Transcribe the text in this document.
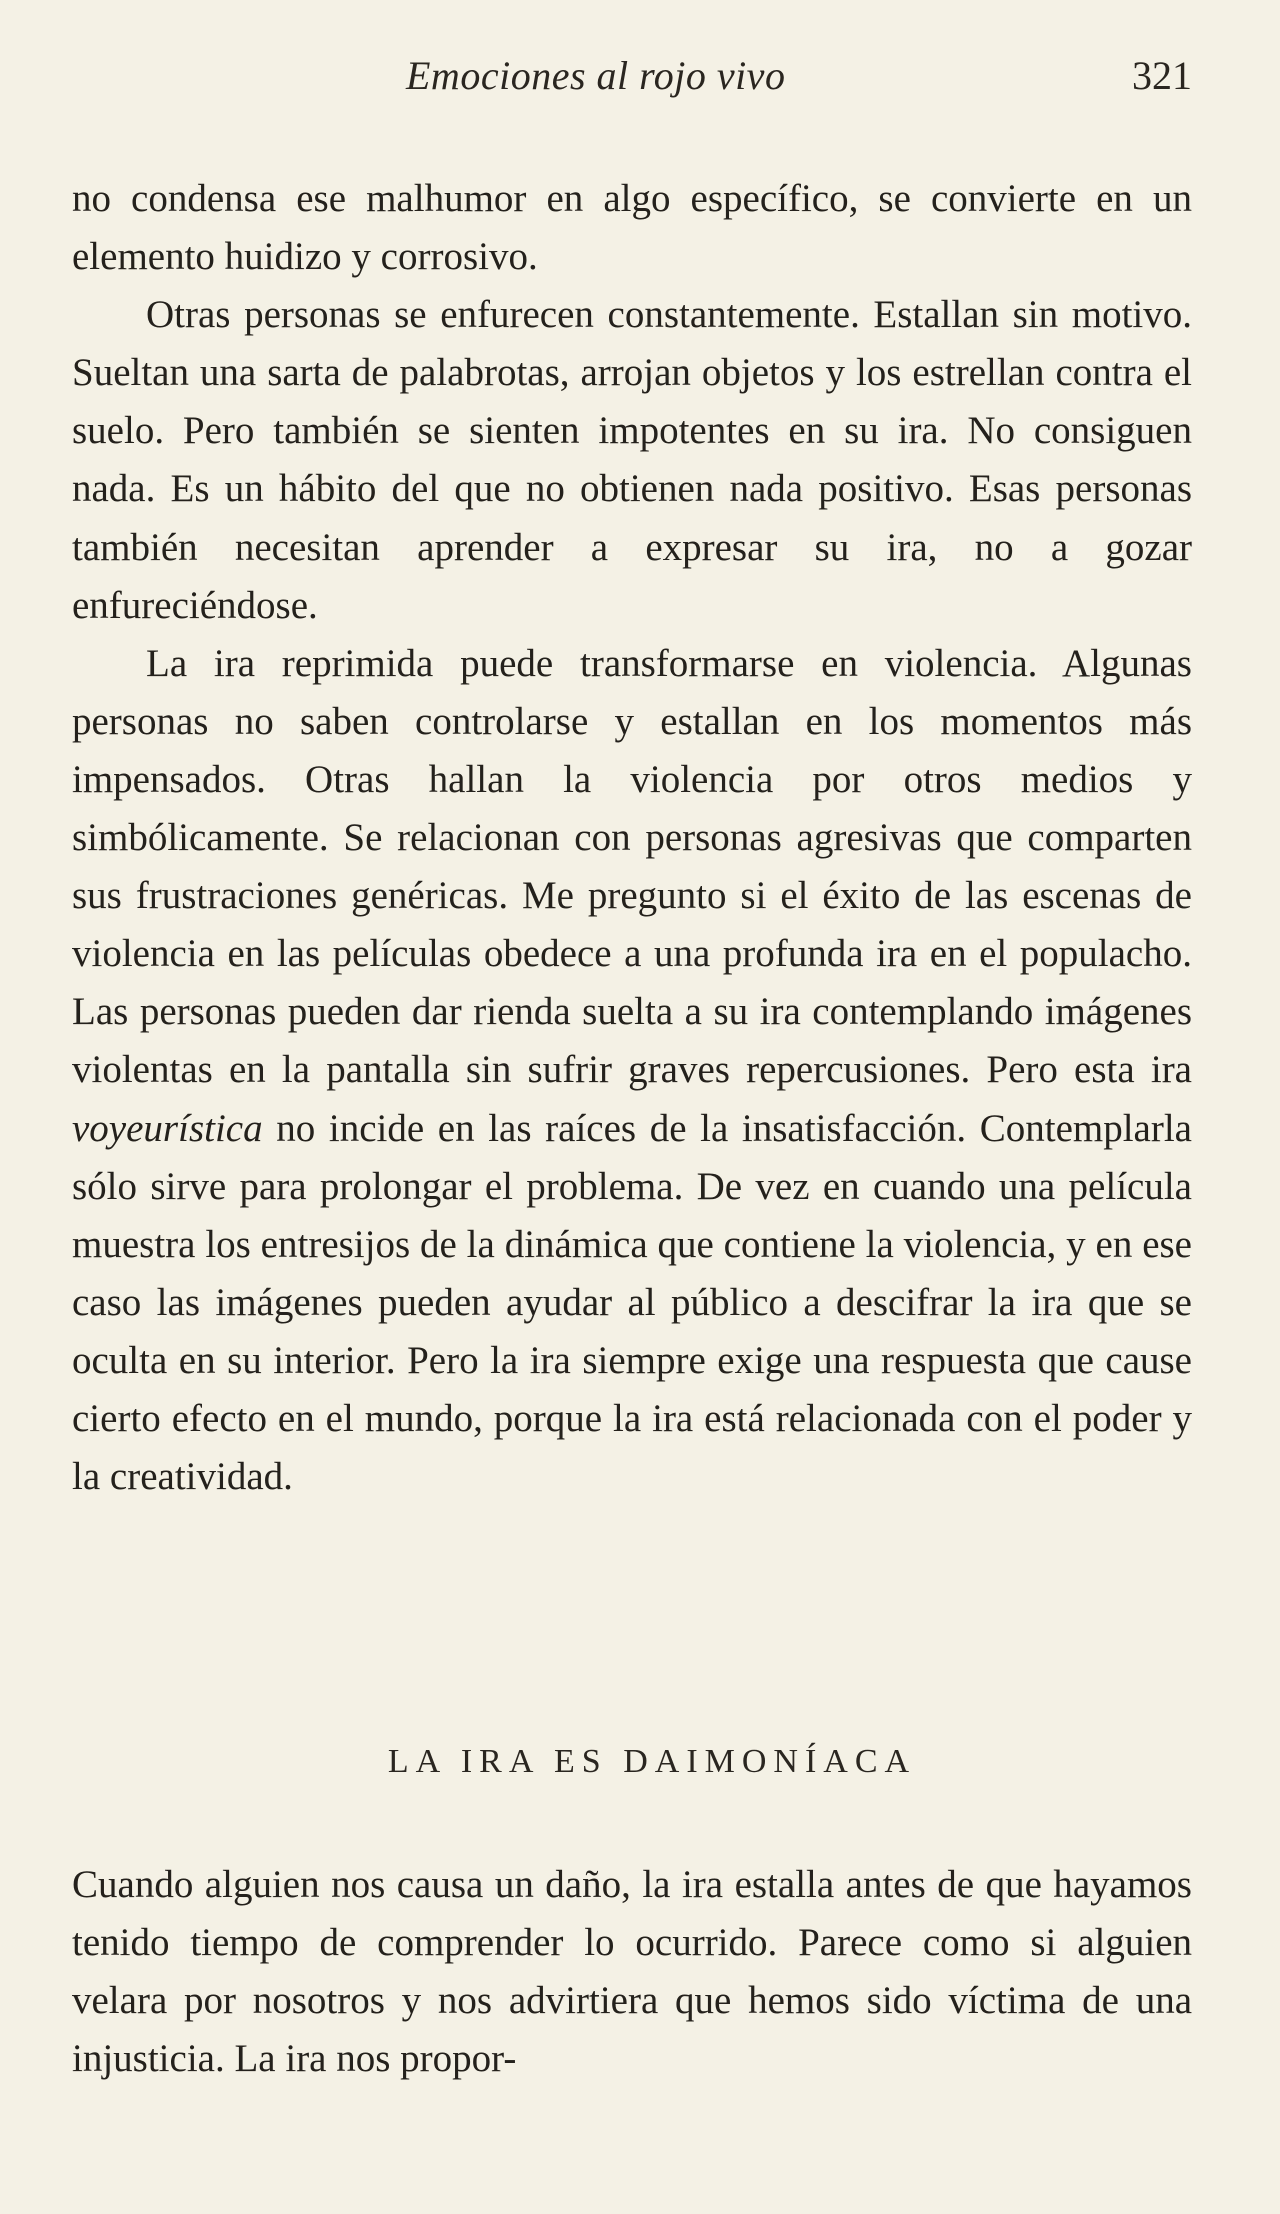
Emociones al rojo vivo	321

no condensa ese malhumor en algo específico, se convierte en un elemento huidizo y corrosivo.

Otras personas se enfurecen constantemente. Estallan sin motivo. Sueltan una sarta de palabrotas, arrojan objetos y los estrellan contra el suelo. Pero también se sienten impotentes en su ira. No consiguen nada. Es un hábito del que no obtienen nada positivo. Esas personas también necesitan aprender a expresar su ira, no a gozar enfureciéndose.

La ira reprimida puede transformarse en violencia. Algunas personas no saben controlarse y estallan en los momentos más impensados. Otras hallan la violencia por otros medios y simbólicamente. Se relacionan con personas agresivas que comparten sus frustraciones genéricas. Me pregunto si el éxito de las escenas de violencia en las películas obedece a una profunda ira en el populacho. Las personas pueden dar rienda suelta a su ira contemplando imágenes violentas en la pantalla sin sufrir graves repercusiones. Pero esta ira voyeurística no incide en las raíces de la insatisfacción. Contemplarla sólo sirve para prolongar el problema. De vez en cuando una película muestra los entresijos de la dinámica que contiene la violencia, y en ese caso las imágenes pueden ayudar al público a descifrar la ira que se oculta en su interior. Pero la ira siempre exige una respuesta que cause cierto efecto en el mundo, porque la ira está relacionada con el poder y la creatividad.

LA IRA ES DAIMONÍACA

Cuando alguien nos causa un daño, la ira estalla antes de que hayamos tenido tiempo de comprender lo ocurrido. Parece como si alguien velara por nosotros y nos advirtiera que hemos sido víctima de una injusticia. La ira nos propor-
